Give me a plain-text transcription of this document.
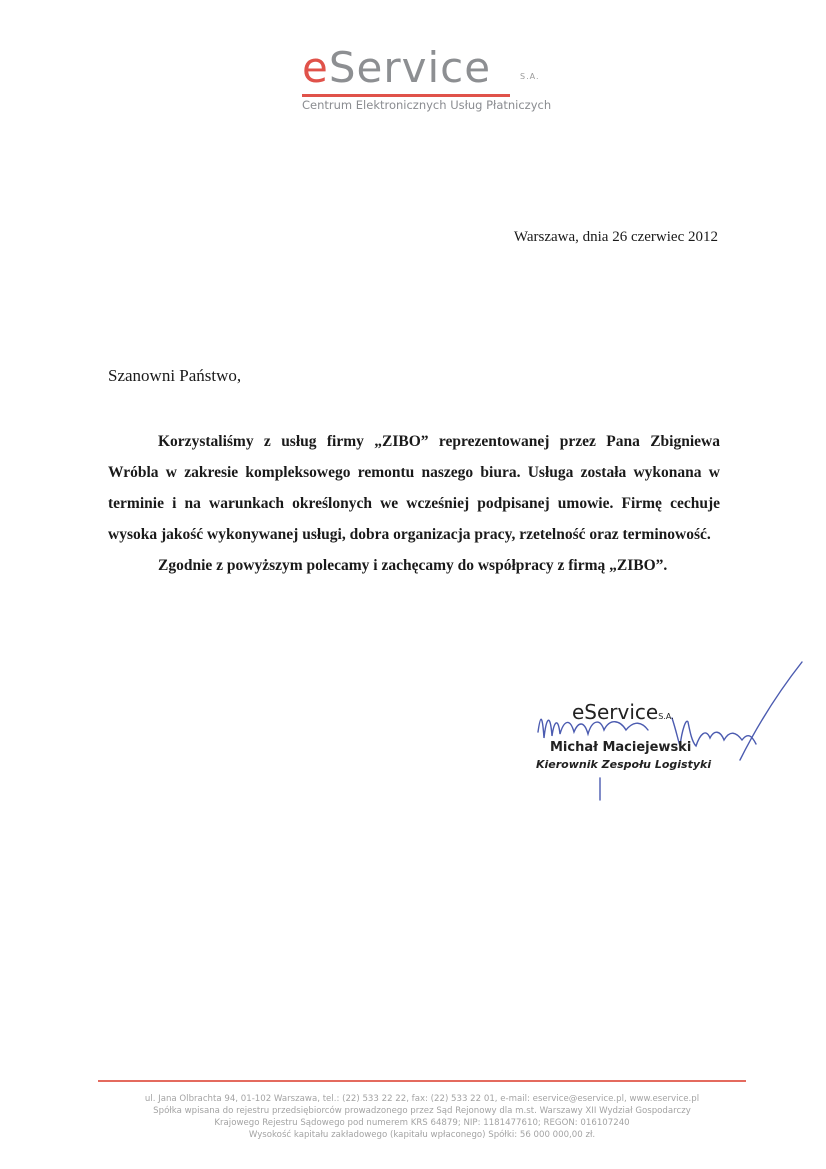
eService	S.A.
Centrum Elektronicznych Usług Płatniczych
Warszawa, dnia 26 czerwiec 2012
Szanowni Państwo,

Korzystaliśmy z usług firmy „ZIBO” reprezentowanej przez Pana Zbigniewa Wróbla w zakresie kompleksowego remontu naszego biura. Usługa została wykonana w terminie i na warunkach określonych we wcześniej podpisanej umowie. Firmę cechuje wysoka jakość wykonywanej usługi, dobra organizacja pracy, rzetelność oraz terminowość.

Zgodnie z powyższym polecamy i zachęcamy do współpracy z firmą „ZIBO”.

eServiceS.A.
Michał Maciejewski
Kierownik Zespołu Logistyki
ul. Jana Olbrachta 94, 01-102 Warszawa, tel.: (22) 533 22 22, fax: (22) 533 22 01, e-mail: eservice@eservice.pl, www.eservice.pl
Spółka wpisana do rejestru przedsiębiorców prowadzonego przez Sąd Rejonowy dla m.st. Warszawy XII Wydział Gospodarczy
Krajowego Rejestru Sądowego pod numerem KRS 64879; NIP: 1181477610; REGON: 016107240
Wysokość kapitału zakładowego (kapitału wpłaconego) Spółki: 56 000 000,00 zł.
